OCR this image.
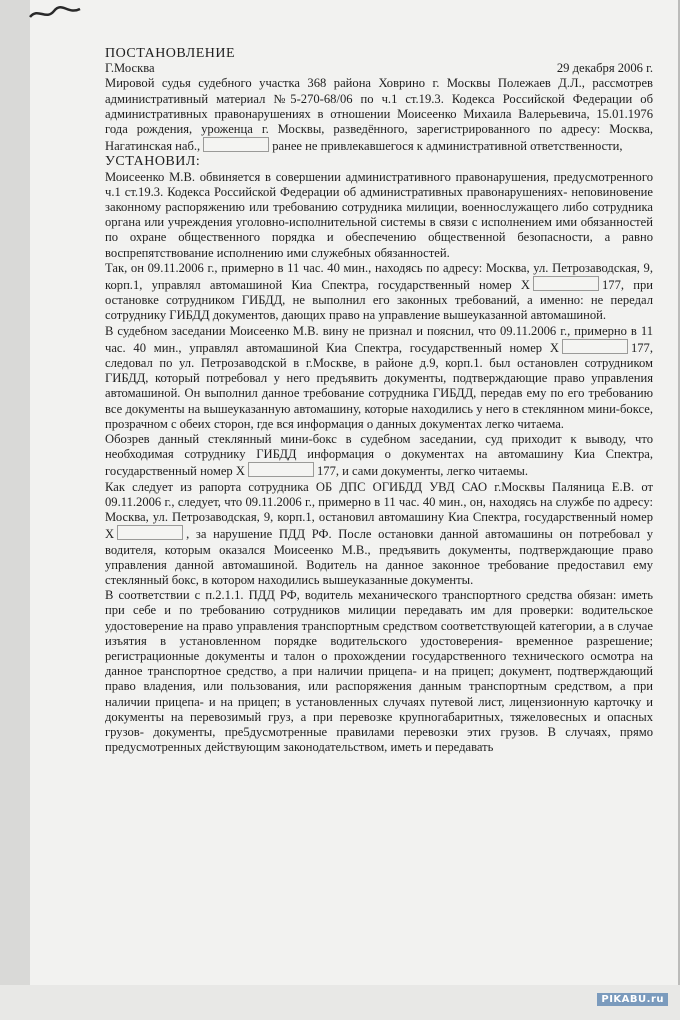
ПОСТАНОВЛЕНИЕ

Г.Москва	29 декабря 2006 г.

Мировой судья судебного участка 368 района Ховрино г. Москвы Полежаев Д.Л., рассмотрев административный материал №5-270-68/06 по ч.1 ст.19.3. Кодекса Российской Федерации об административных правонарушениях в отношении Моисеенко Михаила Валерьевича, 15.01.1976 года рождения, уроженца г. Москвы, разведённого, зарегистрированного по адресу: Москва, Нагатинская наб.,	ранее не привлекавшегося к административной ответственности,

УСТАНОВИЛ:

Моисеенко М.В. обвиняется в совершении административного правонарушения, предусмотренного ч.1 ст.19.3. Кодекса Российской Федерации об административных правонарушениях- неповиновение законному распоряжению или требованию сотрудника милиции, военнослужащего либо сотрудника органа или учреждения уголовно-исполнительной системы в связи с исполнением ими обязанностей по охране общественного порядка и обеспечению общественной безопасности, а равно воспрепятствование исполнению ими служебных обязанностей.

Так, он 09.11.2006 г., примерно в 11 час. 40 мин., находясь по адресу: Москва, ул. Петрозаводская, 9, корп.1, управлял автомашиной Киа Спектра, государственный номер Х	177, при остановке сотрудником ГИБДД, не выполнил его законных требований, а именно: не передал сотруднику ГИБДД документов, дающих право на управление вышеуказанной автомашиной.

В судебном заседании Моисеенко М.В. вину не признал и пояснил, что 09.11.2006 г., примерно в 11 час. 40 мин., управлял автомашиной Киа Спектра, государственный номер Х	177, следовал по ул. Петрозаводской в г.Москве, в районе д.9, корп.1. был остановлен сотрудником ГИБДД, который потребовал у него предъявить документы, подтверждающие право управления автомашиной. Он выполнил данное требование сотрудника ГИБДД, передав ему по его требованию все документы на вышеуказанную автомашину, которые находились у него в стеклянном мини-боксе, прозрачном с обеих сторон, где вся информация о данных документах легко читаема.

Обозрев данный стеклянный мини-бокс в судебном заседании, суд приходит к выводу, что необходимая сотруднику ГИБДД информация о документах на автомашину Киа Спектра, государственный номер Х	177, и сами документы, легко читаемы.

Как следует из рапорта сотрудника ОБ ДПС ОГИБДД УВД САО г.Москвы Паляница Е.В. от 09.11.2006 г., следует, что 09.11.2006 г., примерно в 11 час. 40 мин., он, находясь на службе по адресу: Москва, ул. Петрозаводская, 9, корп.1, остановил автомашину Киа Спектра, государственный номер Х	, за нарушение ПДД РФ. После остановки данной автомашины он потребовал у водителя, которым оказался Моисеенко М.В., предъявить документы, подтверждающие право управления данной автомашиной. Водитель на данное законное требование предоставил ему стеклянный бокс, в котором находились вышеуказанные документы.

В соответствии с п.2.1.1. ПДД РФ, водитель механического транспортного средства обязан: иметь при себе и по требованию сотрудников милиции передавать им для проверки: водительское удостоверение на право управления транспортным средством соответствующей категории, а в случае изъятия в установленном порядке водительского удостоверения- временное разрешение; регистрационные документы и талон о прохождении государственного технического осмотра на данное транспортное средство, а при наличии прицепа- и на прицеп; документ, подтверждающий право владения, или пользования, или распоряжения данным транспортным средством, а при наличии прицепа- и на прицеп; в установленных случаях путевой лист, лицензионную карточку и документы на перевозимый груз, а при перевозке крупногабаритных, тяжеловесных и опасных грузов- документы, пре5дусмотренные правилами перевозки этих грузов. В случаях, прямо предусмотренных действующим законодательством, иметь и передавать

PIKABU.ru
